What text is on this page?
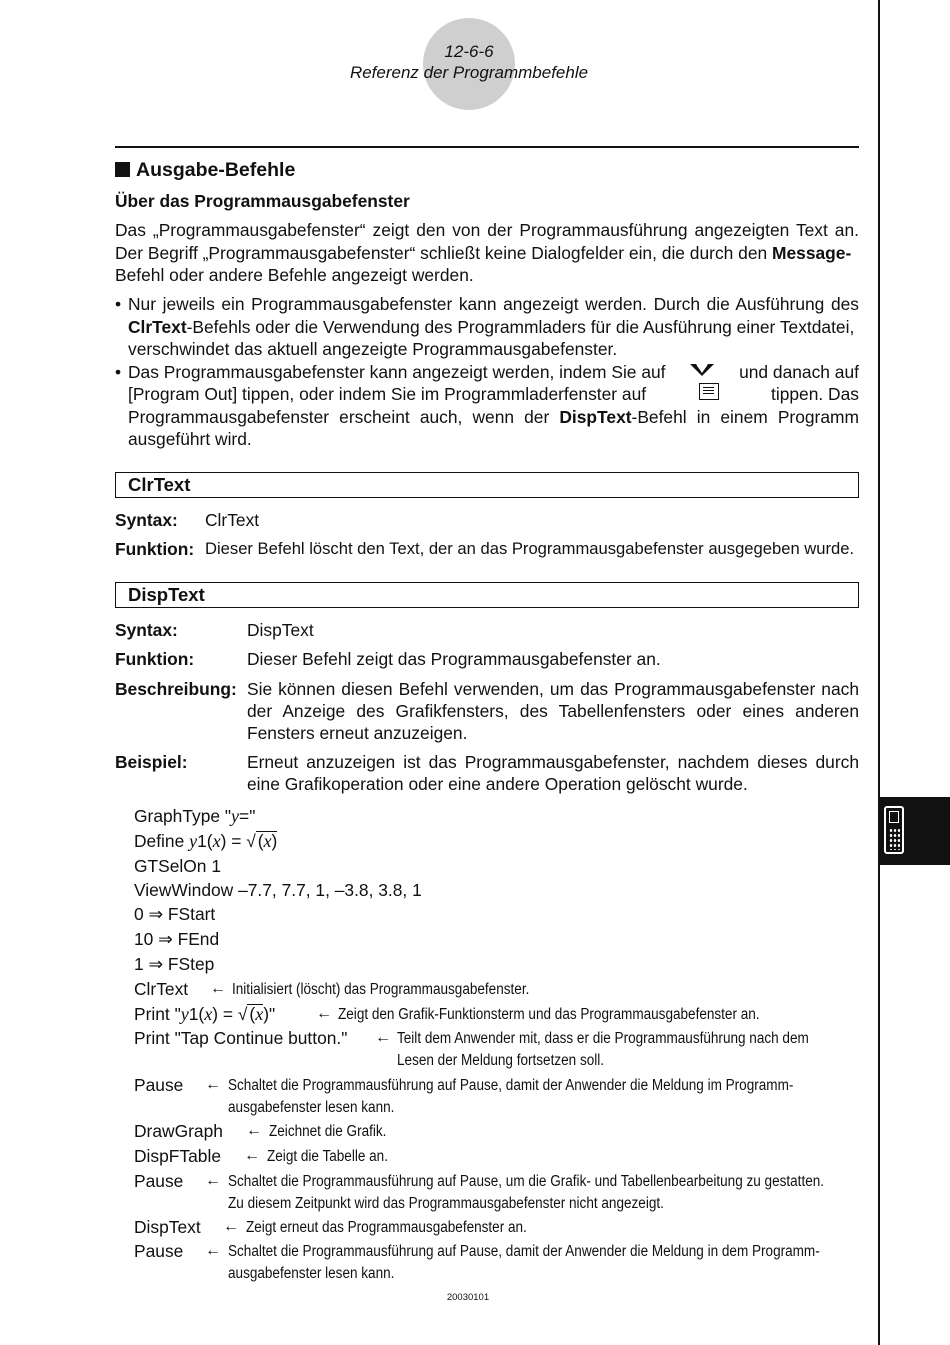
12-6-6
Referenz der Programmbefehle
Ausgabe-Befehle
Über das Programmausgabefenster
Das „Programmausgabefenster“ zeigt den von der Programmausführung angezeigten Text an.
Der Begriff „Programmausgabefenster“ schließt keine Dialogfelder ein, die durch den Message-
Befehl oder andere Befehle angezeigt werden.
• Nur jeweils ein Programmausgabefenster kann angezeigt werden. Durch die Ausführung des
ClrText-Befehls oder die Verwendung des Programmladers für die Ausführung einer Textdatei,
verschwindet das aktuell angezeigte Programmausgabefenster.
• Das Programmausgabefenster kann angezeigt werden, indem Sie auf	und danach auf
[Program Out] tippen, oder indem Sie im Programmladerfenster auf	tippen. Das
Programmausgabefenster erscheint auch, wenn der DispText-Befehl in einem Programm
ausgeführt wird.
ClrText
Syntax: ClrText
Funktion: Dieser Befehl löscht den Text, der an das Programmausgabefenster ausgegeben wurde.
DispText
Syntax:	DispText
Funktion:	Dieser Befehl zeigt das Programmausgabefenster an.
Beschreibung: Sie können diesen Befehl verwenden, um das Programmausgabefenster nach
der Anzeige des Grafikfensters, des Tabellenfensters oder eines anderen
Fensters erneut anzuzeigen.
Beispiel:	Erneut anzuzeigen ist das Programmausgabefenster, nachdem dieses durch
eine Grafikoperation oder eine andere Operation gelöscht wurde.
GraphType "y="
Define y1(x) = √ (x)
GTSelOn 1
ViewWindow –7.7, 7.7, 1, –3.8, 3.8, 1
0 ⇒ FStart
10 ⇒ FEnd
1 ⇒ FStep
ClrText ← Initialisiert (löscht) das Programmausgabefenster.
Print "y1(x) = √ (x)"	← Zeigt den Grafik-Funktionsterm und das Programmausgabefenster an.
Print "Tap Continue button." ← Teilt dem Anwender mit, dass er die Programmausführung nach dem
Lesen der Meldung fortsetzen soll.
Pause ← Schaltet die Programmausführung auf Pause, damit der Anwender die Meldung im Programm-
ausgabefenster lesen kann.
DrawGraph ← Zeichnet die Grafik.
DispFTable ← Zeigt die Tabelle an.
Pause ← Schaltet die Programmausführung auf Pause, um die Grafik- und Tabellenbearbeitung zu gestatten.
Zu diesem Zeitpunkt wird das Programmausgabefenster nicht angezeigt.
DispText ← Zeigt erneut das Programmausgabefenster an.
Pause ← Schaltet die Programmausführung auf Pause, damit der Anwender die Meldung in dem Programm-
ausgabefenster lesen kann.
20030101
